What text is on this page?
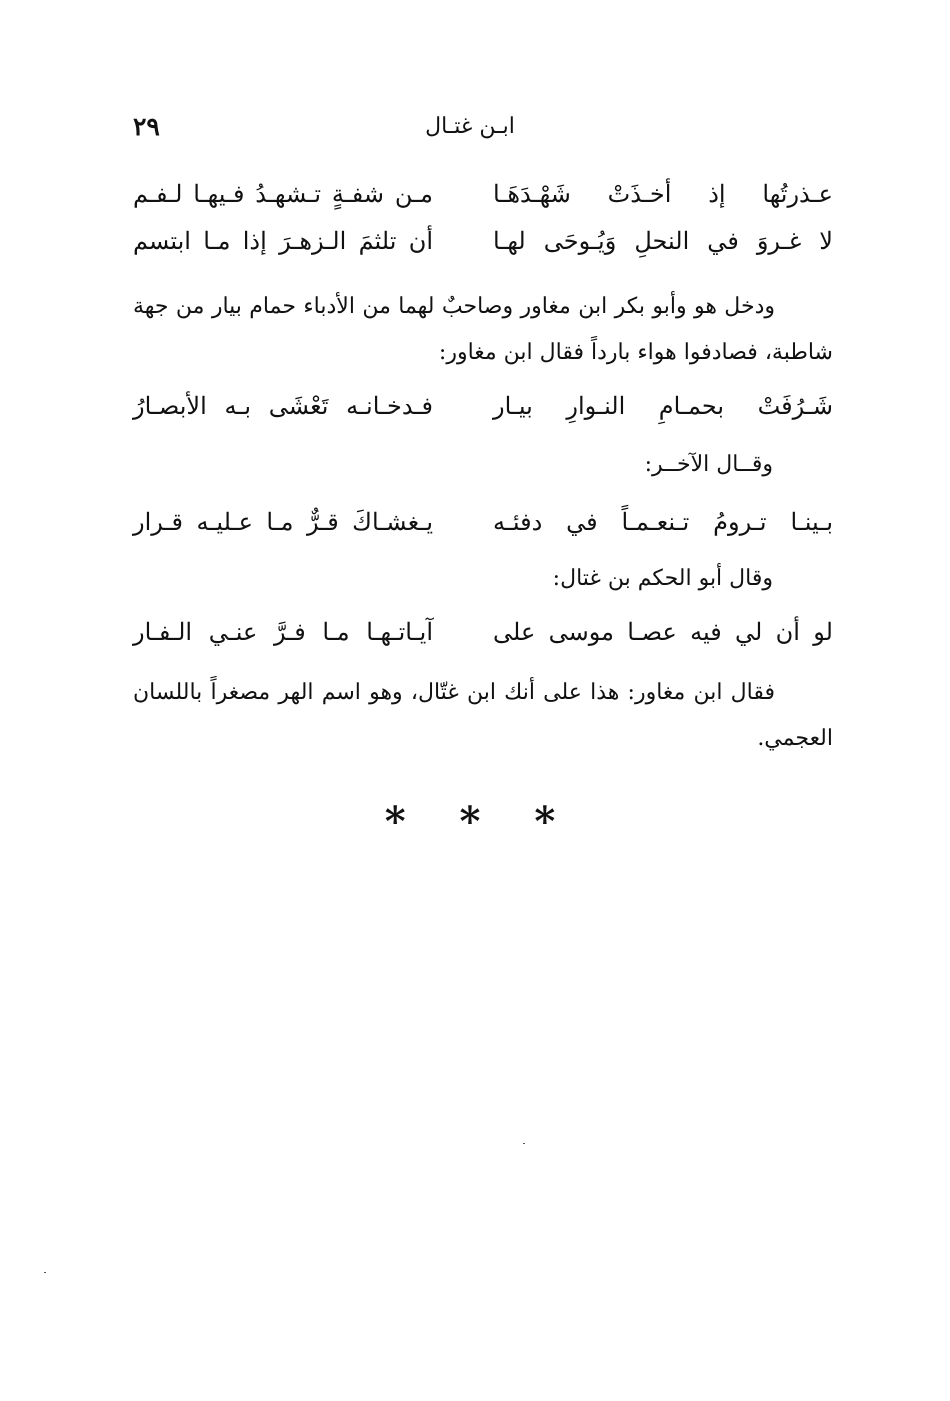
ابـن غتـال
٢٩
عـذرتُها إذ أخـذَتْ شَهْـدَهَـا
مـن شفـةٍ تـشهـدُ فـيهـا لـفـم
لا غـروَ في النحلِ وَيُـوحَى لهـا
أن تلثمَ الـزهـرَ إذا مـا ابتسم
ودخل هو وأبو بكر ابن مغاور وصاحبٌ لهما من الأدباء حمام بيار من جهة شاطبة، فصادفوا هواء بارداً فقال ابن مغاور:
شَـرُفَتْ بحمـامِ النـوارِ بيـار
فـدخـانـه تَعْشَى بـه الأبصـارُ
وقــال الآخــر:
بـينـا تـرومُ تـنعـمـاً في دفئـه
يـغشـاكَ قـرٌّ مـا عـليـه قـرار
وقال أبو الحكم بن غتال:
لو أن لي فيه عصـا موسى على
آيـاتـهـا مـا فـرَّ عنـي الـفـار
فقال ابن مغاور: هذا على أنك ابن غتّال، وهو اسم الهر مصغراً باللسان العجمي.
* * *
